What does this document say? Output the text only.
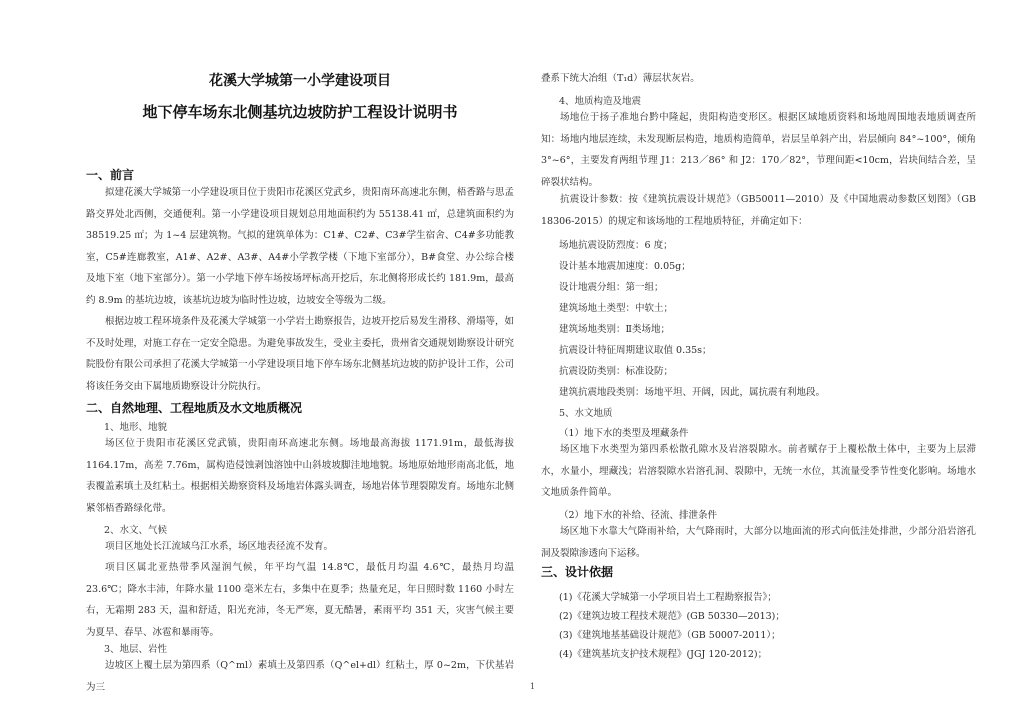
花溪大学城第一小学建设项目
地下停车场东北侧基坑边坡防护工程设计说明书
一、前言
拟建花溪大学城第一小学建设项目位于贵阳市花溪区党武乡，贵阳南环高速北东侧，梧香路与思孟路交界处北西侧，交通便利。第一小学建设项目规划总用地面积约为 55138.41 ㎡，总建筑面积约为 38519.25 ㎡；为 1~4 层建筑物。气拟的建筑单体为：C1#、C2#、C3#学生宿舍、C4#多功能教室，C5#连廊教室，A1#、A2#、A3#、A4#小学教学楼（下地下室部分），B#食堂、办公综合楼及地下室（地下室部分）。第一小学地下停车场按场坪标高开挖后，东北侧将形成长约 181.9m，最高约 8.9m 的基坑边坡，该基坑边坡为临时性边坡，边坡安全等级为二级。
根据边坡工程环境条件及花溪大学城第一小学岩土勘察报告，边坡开挖后易发生滑移、滑塌等，如不及时处理，对施工存在一定安全隐患。为避免事故发生，受业主委托，贵州省交通规划勘察设计研究院股份有限公司承担了花溪大学城第一小学建设项目地下停车场东北侧基坑边坡的防护设计工作，公司将该任务交由下属地质勘察设计分院执行。
二、自然地理、工程地质及水文地质概况
1、地形、地貌
场区位于贵阳市花溪区党武镇，贵阳南环高速北东侧。场地最高海拔 1171.91m，最低海拔 1164.17m，高差 7.76m，属构造侵蚀剥蚀溶蚀中山斜坡坡脚洼地地貌。场地原始地形南高北低，地表覆盖素填土及红粘土。根据相关勘察资料及场地岩体露头调查，场地岩体节理裂隙发育。场地东北侧紧邻梧香路绿化带。
2、水文、气候
项目区地处长江流域乌江水系，场区地表径流不发育。
项目区属北亚热带季风湿润气候，年平均气温 14.8℃，最低月均温 4.6℃，最热月均温 23.6℃；降水丰沛，年降水量 1100 毫米左右，多集中在夏季；热量充足，年日照时数 1160 小时左右，无霜期 283 天，温和舒适，阳光充沛，冬无严寒，夏无酷暑，素雨平均 351 天，灾害气候主要为夏旱、春旱、冰雹和暴雨等。
3、地层、岩性
边坡区上覆土层为第四系（Q^ml）素填土及第四系（Q^el+dl）红粘土，厚 0~2m，下伏基岩为三
叠系下统大冶组（T₁d）薄层状灰岩。
4、地质构造及地震
场地位于扬子准地台黔中隆起，贵阳构造变形区。根据区域地质资料和场地周围地表地质调查所知：场地内地层连续，未发现断层构造，地质构造简单，岩层呈单斜产出，岩层倾向 84°~100°，倾角 3°~6°，主要发育两组节理 J1：213／86° 和 J2：170／82°，节理间距<10cm，岩块间结合差，呈碎裂状结构。
抗震设计参数：按《建筑抗震设计规范》（GB50011—2010）及《中国地震动参数区划图》（GB 18306-2015）的规定和该场地的工程地质特征，并确定如下：
场地抗震设防烈度：6 度；
设计基本地震加速度：0.05g；
设计地震分组：第一组；
建筑场地土类型：中软土；
建筑场地类别：Ⅱ类场地；
抗震设计特征周期建议取值 0.35s；
抗震设防类别：标准设防；
建筑抗震地段类别：场地平坦、开阔，因此，属抗震有利地段。
5、水文地质
（1）地下水的类型及埋藏条件
场区地下水类型为第四系松散孔隙水及岩溶裂隙水。前者赋存于上覆松散土体中，主要为上层滞水，水量小，埋藏浅；岩溶裂隙水岩溶孔洞、裂隙中，无统一水位，其流量受季节性变化影响。场地水文地质条件简单。
（2）地下水的补给、径流、排泄条件
场区地下水靠大气降雨补给，大气降雨时，大部分以地面流的形式向低洼处排泄，少部分沿岩溶孔洞及裂隙渗透向下运移。
三、设计依据
(1)《花溪大学城第一小学项目岩土工程勘察报告》；
(2)《建筑边坡工程技术规范》(GB 50330—2013)；
(3)《建筑地基基础设计规范》（GB 50007-2011）；
(4)《建筑基坑支护技术规程》(JGJ 120-2012)；
1
